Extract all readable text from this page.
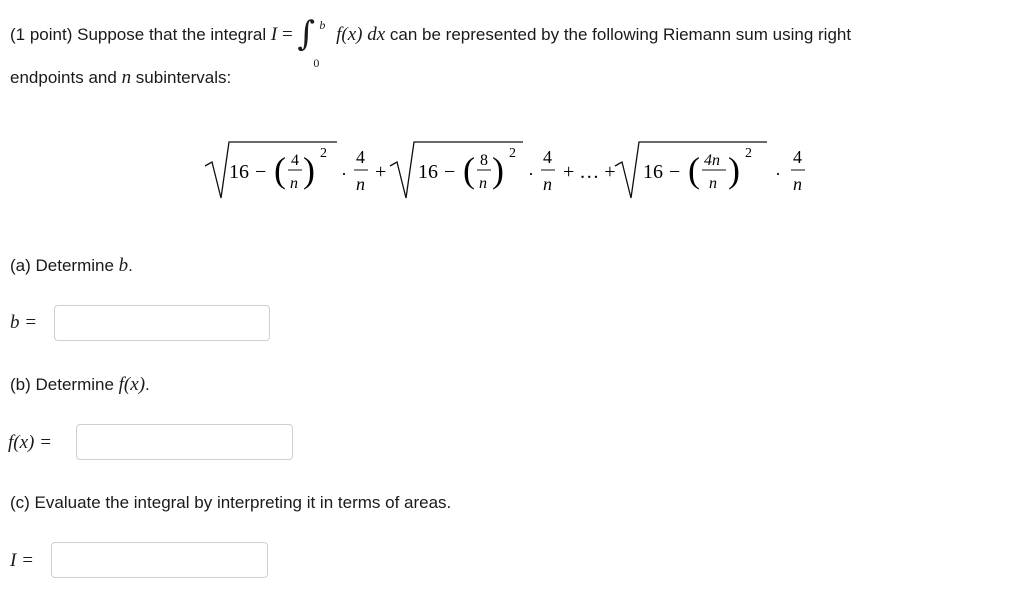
(1 point) Suppose that the integral I = ∫ b
0
f(x) dx can be represented by the following Riemann sum using right
endpoints and n subintervals:
16 − ( 4
n ) 2
·
4
n
+ 16 − ( 8
n ) 2
·
4
n
+ … + 16 − ( 4n
n ) 2
·
4
n
(a) Determine b.
b =
(b) Determine f(x).
f(x) =
(c) Evaluate the integral by interpreting it in terms of areas.
I =
